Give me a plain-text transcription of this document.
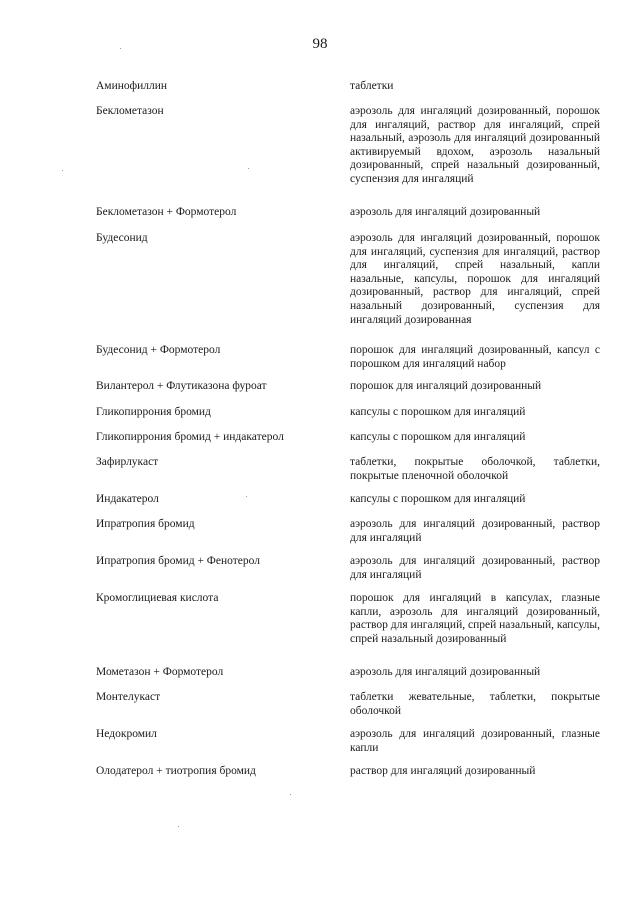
98
Аминофиллин	таблетки
Беклометазон	аэрозоль для ингаляций дозированный, порошок для ингаляций, раствор для ингаляций, спрей назальный, аэрозоль для ингаляций дозированный активируемый вдохом, аэрозоль назальный дозированный, спрей назальный дозированный, суспензия для ингаляций
Беклометазон + Формотерол	аэрозоль для ингаляций дозированный
Будесонид	аэрозоль для ингаляций дозированный, порошок для ингаляций, суспензия для ингаляций, раствор для ингаляций, спрей назальный, капли назальные, капсулы, порошок для ингаляций дозированный, раствор для ингаляций, спрей назальный дозированный, суспензия для ингаляций дозированная
Будесонид + Формотерол	порошок для ингаляций дозированный, капсул с порошком для ингаляций набор
Вилантерол + Флутиказона фуроат	порошок для ингаляций дозированный
Гликопиррония бромид	капсулы с порошком для ингаляций
Гликопиррония бромид + индакатерол	капсулы с порошком для ингаляций
Зафирлукаст	таблетки, покрытые оболочкой, таблетки, покрытые пленочной оболочкой
Индакатерол	капсулы с порошком для ингаляций
Ипратропия бромид	аэрозоль для ингаляций дозированный, раствор для ингаляций
Ипратропия бромид + Фенотерол	аэрозоль для ингаляций дозированный, раствор для ингаляций
Кромоглициевая кислота	порошок для ингаляций в капсулах, глазные капли, аэрозоль для ингаляций дозированный, раствор для ингаляций, спрей назальный, капсулы, спрей назальный дозированный
Мометазон + Формотерол	аэрозоль для ингаляций дозированный
Монтелукаст	таблетки жевательные, таблетки, покрытые оболочкой
Недокромил	аэрозоль для ингаляций дозированный, глазные капли
Олодатерол + тиотропия бромид	раствор для ингаляций дозированный
